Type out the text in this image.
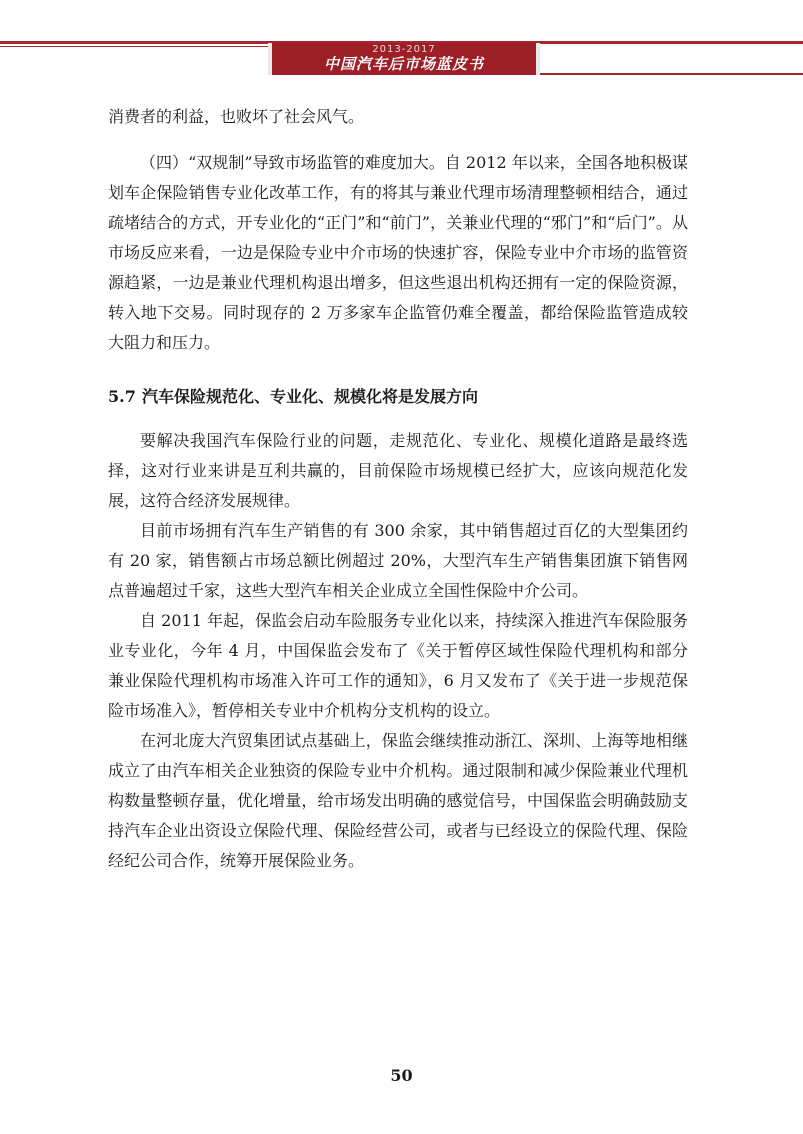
2013-2017
中国汽车后市场蓝皮书

消费者的利益，也败坏了社会风气。

（四）“双规制”导致市场监管的难度加大。自 2012 年以来，全国各地积极谋划车企保险销售专业化改革工作，有的将其与兼业代理市场清理整顿相结合，通过疏堵结合的方式，开专业化的“正门”和“前门”，关兼业代理的“邪门”和“后门”。从市场反应来看，一边是保险专业中介市场的快速扩容，保险专业中介市场的监管资源趋紧，一边是兼业代理机构退出增多，但这些退出机构还拥有一定的保险资源，转入地下交易。同时现存的 2 万多家车企监管仍难全覆盖，都给保险监管造成较大阻力和压力。

5.7 汽车保险规范化、专业化、规模化将是发展方向

要解决我国汽车保险行业的问题，走规范化、专业化、规模化道路是最终选择，这对行业来讲是互利共赢的，目前保险市场规模已经扩大，应该向规范化发展，这符合经济发展规律。

目前市场拥有汽车生产销售的有 300 余家，其中销售超过百亿的大型集团约有 20 家，销售额占市场总额比例超过 20%，大型汽车生产销售集团旗下销售网点普遍超过千家，这些大型汽车相关企业成立全国性保险中介公司。

自 2011 年起，保监会启动车险服务专业化以来，持续深入推进汽车保险服务业专业化，今年 4 月，中国保监会发布了《关于暂停区域性保险代理机构和部分兼业保险代理机构市场准入许可工作的通知》，6 月又发布了《关于进一步规范保险市场准入》，暂停相关专业中介机构分支机构的设立。

在河北庞大汽贸集团试点基础上，保监会继续推动浙江、深圳、上海等地相继成立了由汽车相关企业独资的保险专业中介机构。通过限制和减少保险兼业代理机构数量整顿存量，优化增量，给市场发出明确的感觉信号，中国保监会明确鼓励支持汽车企业出资设立保险代理、保险经营公司，或者与已经设立的保险代理、保险经纪公司合作，统筹开展保险业务。

50
